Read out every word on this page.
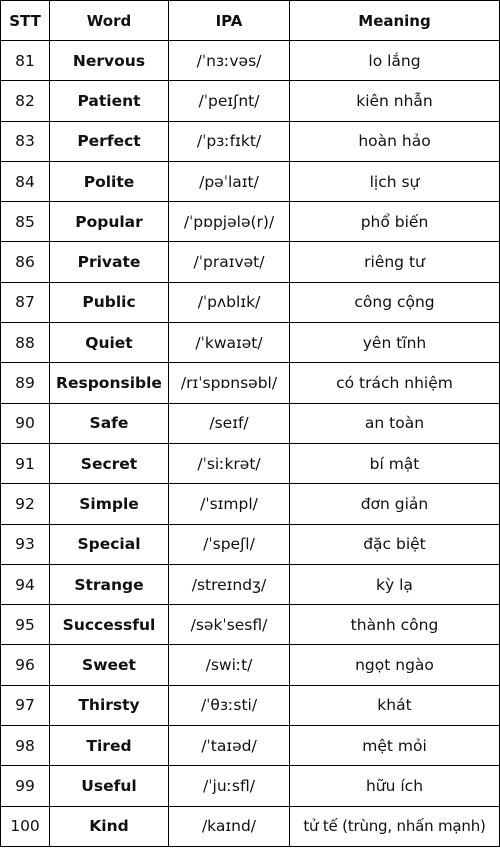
STT	Word	IPA	Meaning
81	Nervous	/ˈnɜːvəs/	lo lắng
82	Patient	/ˈpeɪʃnt/	kiên nhẫn
83	Perfect	/ˈpɜːfɪkt/	hoàn hảo
84	Polite	/pəˈlaɪt/	lịch sự
85	Popular	/ˈpɒpjələ(r)/	phổ biến
86	Private	/ˈpraɪvət/	riêng tư
87	Public	/ˈpʌblɪk/	công cộng
88	Quiet	/ˈkwaɪət/	yên tĩnh
89	Responsible	/rɪˈspɒnsəbl/	có trách nhiệm
90	Safe	/seɪf/	an toàn
91	Secret	/ˈsiːkrət/	bí mật
92	Simple	/ˈsɪmpl/	đơn giản
93	Special	/ˈspeʃl/	đặc biệt
94	Strange	/streɪndʒ/	kỳ lạ
95	Successful	/səkˈsesfl/	thành công
96	Sweet	/swiːt/	ngọt ngào
97	Thirsty	/ˈθɜːsti/	khát
98	Tired	/ˈtaɪəd/	mệt mỏi
99	Useful	/ˈjuːsfl/	hữu ích
100	Kind	/kaɪnd/	tử tế (trùng, nhấn mạnh)
